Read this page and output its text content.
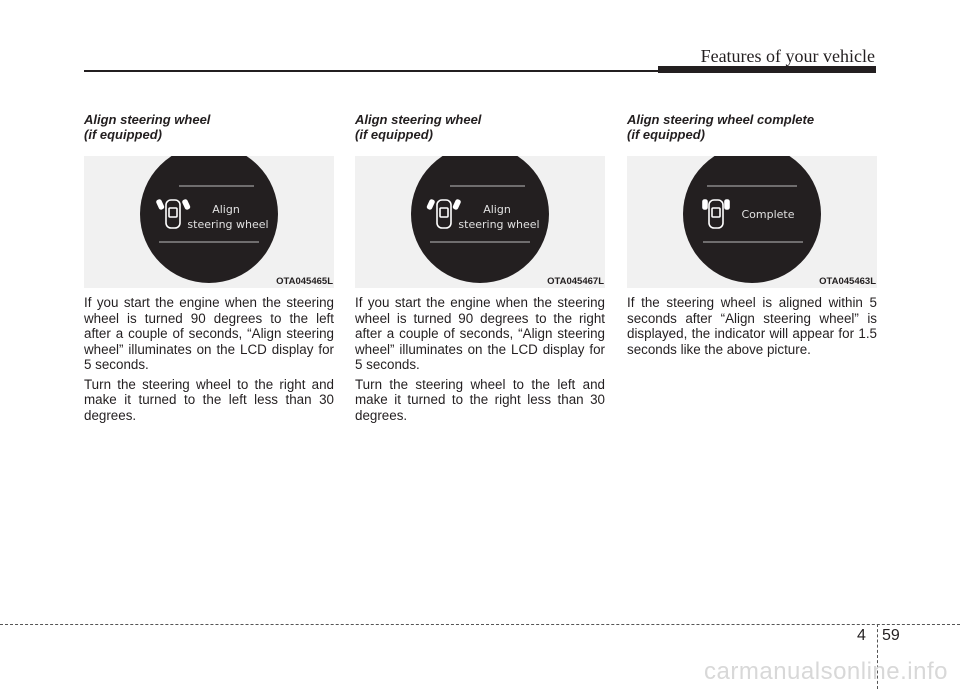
Features of your vehicle
Align steering wheel
(if equipped)
Align
steering wheel
OTA045465L

If you start the engine when the steering wheel is turned 90 degrees to the left after a couple of seconds, “Align steering wheel” illuminates on the LCD display for 5 seconds.

Turn the steering wheel to the right and make it turned to the left less than 30 degrees.

Align steering wheel
(if equipped)
Align
steering wheel
OTA045467L

If you start the engine when the steering wheel is turned 90 degrees to the right after a couple of seconds, “Align steering wheel” illuminates on the LCD display for 5 seconds.

Turn the steering wheel to the left and make it turned to the right less than 30 degrees.

Align steering wheel complete
(if equipped)
Complete
OTA045463L

If the steering wheel is aligned within 5 seconds after “Align steering wheel” is displayed, the indicator will appear for 1.5 seconds like the above picture.

4 59
carmanualsonline.info
